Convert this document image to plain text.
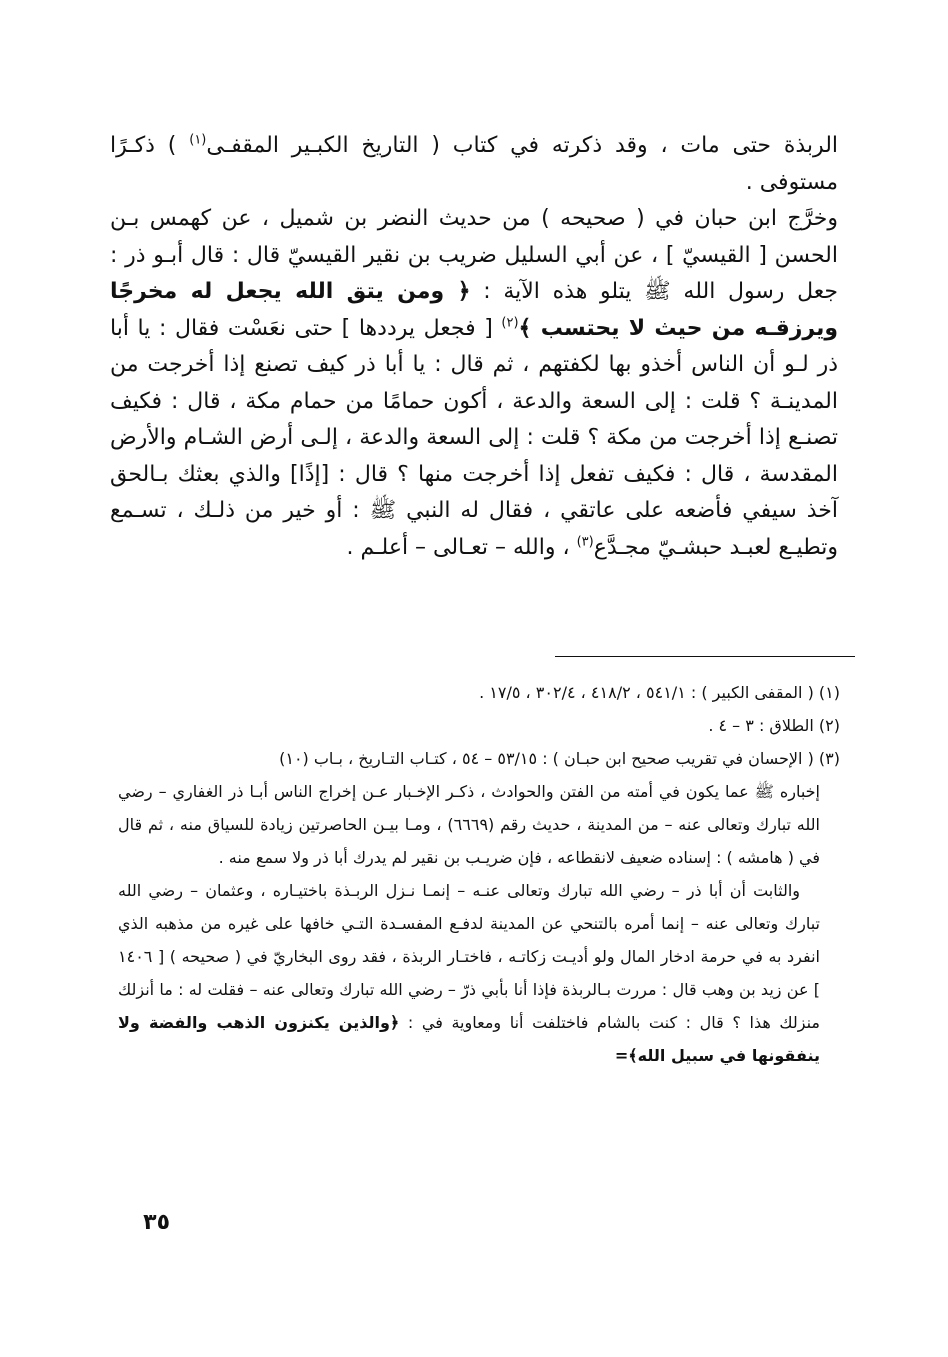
الربذة حتى مات ، وقد ذكرته في كتاب ( التاريخ الكبـير المقفـى$^{(١)}$ ) ذكـرًا مستوفى .

وخرَّج ابن حبان في ( صحيحه ) من حديث النضر بن شميل ، عن كهمس بـن الحسن [ القيسيّ ] ، عن أبي السليل ضريب بن نقير القيسيّ قال : قال أبـو ذر : جعل رسول الله ﷺ يتلو هذه الآية : ﴿ ومن يتق الله يجعل له مخرجًا ويرزقـه من حيث لا يحتسب ﴾$^{(٢)}$ [ فجعل يرددها ] حتى نعَسْت فقال : يا أبا ذر لـو أن الناس أخذو بها لكفتهم ، ثم قال : يا أبا ذر كيف تصنع إذا أخرجت من المدينـة ؟ قلت : إلى السعة والدعة ، أكون حمامًا من حمام مكة ، قال : فكيف تصنـع إذا أخرجت من مكة ؟ قلت : إلى السعة والدعة ، إلـى أرض الشـام والأرض المقدسة ، قال : فكيف تفعل إذا أخرجت منها ؟ قال : [إذًا] والذي بعثك بـالحق آخذ سيفي فأضعه على عاتقي ، فقال له النبي ﷺ : أو خير من ذلـك ، تسـمع وتطيـع لعبـد حبشـيّ مجـدَّع$^{(٣)}$ ، والله – تعـالى – أعلـم .

(١) ( المقفى الكبير ) : ٥٤١/١ ، ٤١٨/٢ ، ٣٠٢/٤ ، ١٧/٥ .

(٢) الطلاق : ٣ – ٤ .

(٣) ( الإحسان في تقريب صحيح ابن حبـان ) : ٥٣/١٥ – ٥٤ ، كتـاب التـاريخ ، بـاب (١٠)

إخباره ﷺ عما يكون في أمته من الفتن والحوادث ، ذكـر الإخـبار عـن إخراج الناس أبـا ذر الغفاري – رضي الله تبارك وتعالى عنه – من المدينة ، حديث رقم (٦٦٦٩) ، ومـا بيـن الحاصرتين زيادة للسياق منه ، ثم قال في ( هامشه ) : إسناده ضعيف لانقطاعه ، فإن ضريـب بن نقير لم يدرك أبا ذر ولا سمع منه .

والثابت أن أبا ذر – رضي الله تبارك وتعالى عنـه – إنمـا نـزل الربـذة باختيـاره ، وعثمان – رضي الله تبارك وتعالى عنه – إنما أمره بالتنحي عن المدينة لدفـع المفسـدة التـي خافها على غيره من مذهبه الذي انفرد به في حرمة ادخار المال ولو أديـت زكاتـه ، فاختـار الربذة ، فقد روى البخاريّ في ( صحيحه ) [ ١٤٠٦ ] عن زيد بن وهب قال : مررت بـالربذة فإذا أنا بأبي ذرّ – رضي الله تبارك وتعالى عنه – فقلت له : ما أنزلك منزلك هذا ؟ قال : كنت بالشام فاختلفت أنا ومعاوية في : ﴿والذين يكنزون الذهب والفضة ولا ينفقونها في سبيل الله﴾=

٣٥
